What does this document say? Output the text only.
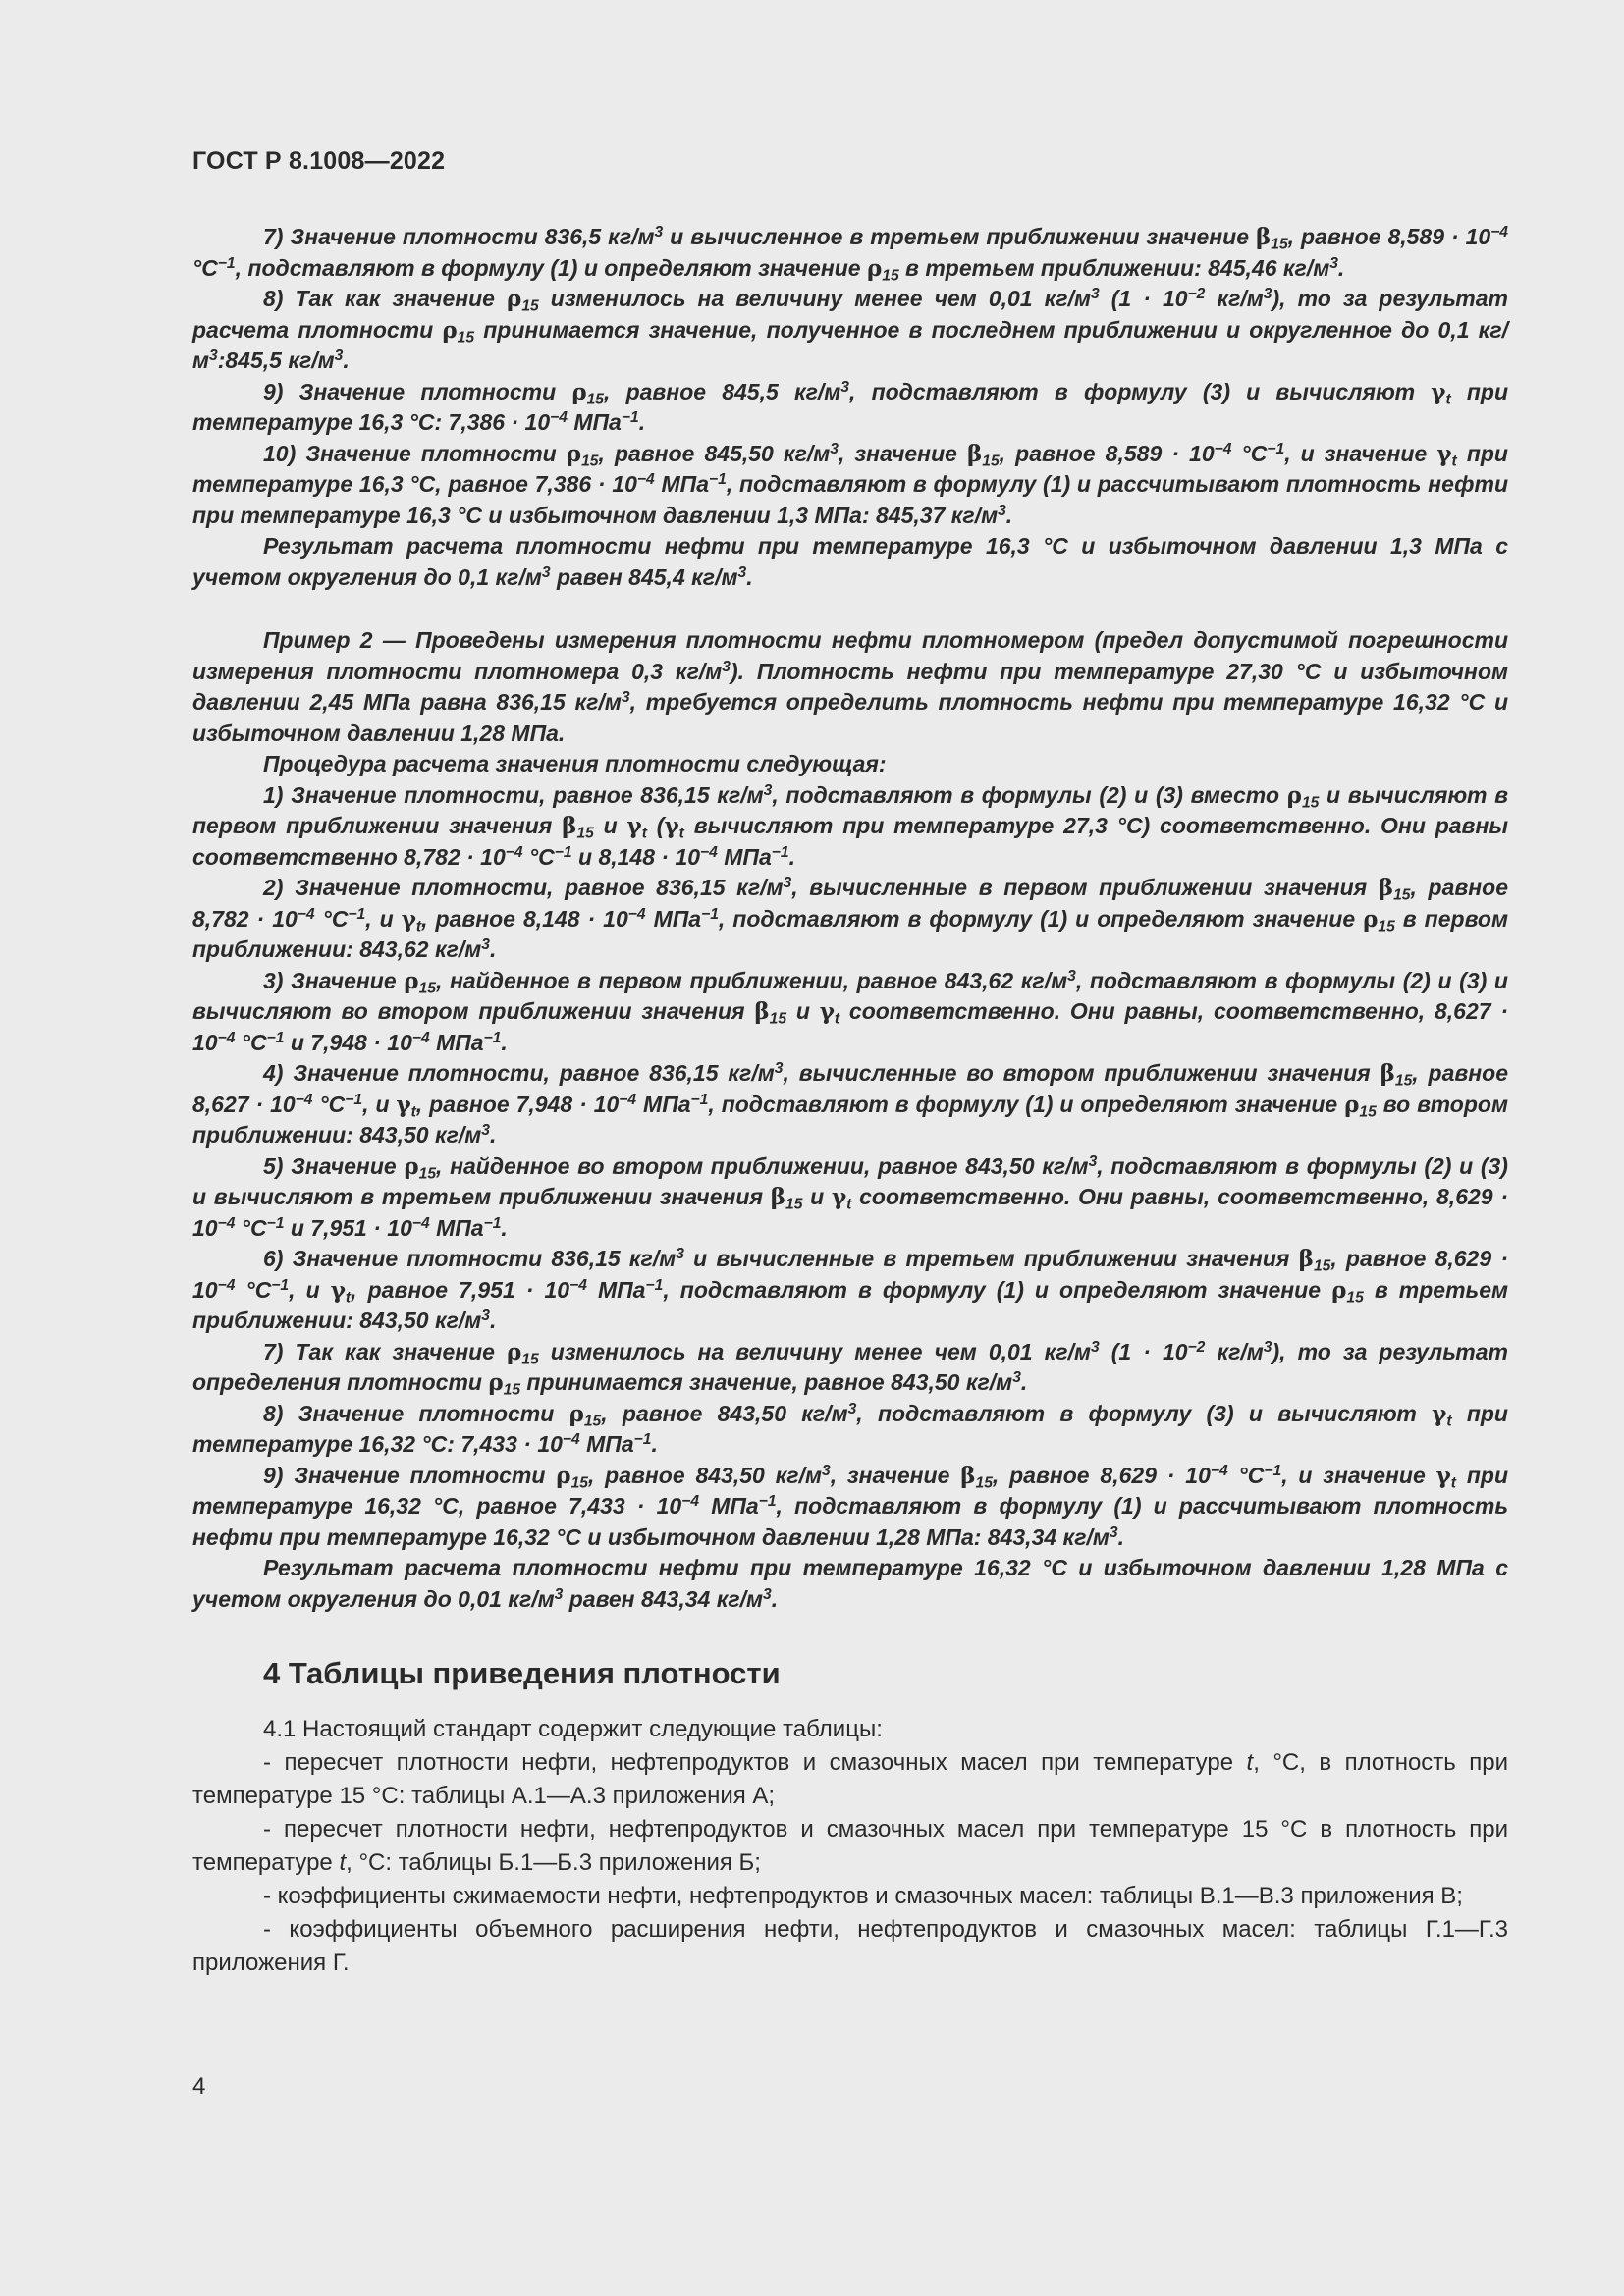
ГОСТ Р 8.1008—2022

7) Значение плотности 836,5 $кг/м^3$ и вычисленное в третьем приближении значение $\beta_{15}$, равное $8,589 \cdot 10^{-4}$ $^\circ С^{-1}$, подставляют в формулу (1) и определяют значение $\rho_{15}$ в третьем приближении: 845,46 $кг/м^3$.

8) Так как значение $\rho_{15}$ изменилось на величину менее чем 0,01 $кг/м^3$ ($1 \cdot 10^{-2}$ $кг/м^3$), то за результат расчета плотности $\rho_{15}$ принимается значение, полученное в последнем приближении и округленное до 0,1 $кг/м^3:845,5$ $кг/м^3$.

9) Значение плотности $\rho_{15}$, равное 845,5 $кг/м^3$, подставляют в формулу (3) и вычисляют $\gamma_t$ при температуре 16,3 °С: $7,386 \cdot 10^{-4}$ МПа$^{-1}$.

10) Значение плотности $\rho_{15}$, равное 845,50 $кг/м^3$, значение $\beta_{15}$, равное $8,589 \cdot 10^{-4}$ $^\circ С^{-1}$, и значение $\gamma_t$ при температуре 16,3 °С, равное $7,386 \cdot 10^{-4}$ МПа$^{-1}$, подставляют в формулу (1) и рассчитывают плотность нефти при температуре 16,3 °С и избыточном давлении 1,3 МПа: 845,37 $кг/м^3$.

Результат расчета плотности нефти при температуре 16,3 °С и избыточном давлении 1,3 МПа с учетом округления до 0,1 $кг/м^3$ равен 845,4 $кг/м^3$.

Пример 2 — Проведены измерения плотности нефти плотномером (предел допустимой погрешности измерения плотности плотномера 0,3 $кг/м^3$). Плотность нефти при температуре 27,30 °С и избыточном давлении 2,45 МПа равна 836,15 $кг/м^3$, требуется определить плотность нефти при температуре 16,32 °С и избыточном давлении 1,28 МПа.

Процедура расчета значения плотности следующая:

1) Значение плотности, равное 836,15 $кг/м^3$, подставляют в формулы (2) и (3) вместо $\rho_{15}$ и вычисляют в первом приближении значения $\beta_{15}$ и $\gamma_t$ ($\gamma_t$ вычисляют при температуре 27,3 °С) соответственно. Они равны соответственно $8,782 \cdot 10^{-4}$ $^\circ С^{-1}$ и $8,148 \cdot 10^{-4}$ МПа$^{-1}$.

2) Значение плотности, равное 836,15 $кг/м^3$, вычисленные в первом приближении значения $\beta_{15}$, равное $8,782 \cdot 10^{-4}$ $^\circ С^{-1}$, и $\gamma_t$, равное $8,148 \cdot 10^{-4}$ МПа$^{-1}$, подставляют в формулу (1) и определяют значение $\rho_{15}$ в первом приближении: 843,62 $кг/м^3$.

3) Значение $\rho_{15}$, найденное в первом приближении, равное 843,62 $кг/м^3$, подставляют в формулы (2) и (3) и вычисляют во втором приближении значения $\beta_{15}$ и $\gamma_t$ соответственно. Они равны, соответственно, $8,627 \cdot 10^{-4}$ $^\circ С^{-1}$ и $7,948 \cdot 10^{-4}$ МПа$^{-1}$.

4) Значение плотности, равное 836,15 $кг/м^3$, вычисленные во втором приближении значения $\beta_{15}$, равное $8,627 \cdot 10^{-4}$ $^\circ С^{-1}$, и $\gamma_t$, равное $7,948 \cdot 10^{-4}$ МПа$^{-1}$, подставляют в формулу (1) и определяют значение $\rho_{15}$ во втором приближении: 843,50 $кг/м^3$.

5) Значение $\rho_{15}$, найденное во втором приближении, равное 843,50 $кг/м^3$, подставляют в формулы (2) и (3) и вычисляют в третьем приближении значения $\beta_{15}$ и $\gamma_t$ соответственно. Они равны, соответственно, $8,629 \cdot 10^{-4}$ $^\circ С^{-1}$ и $7,951 \cdot 10^{-4}$ МПа$^{-1}$.

6) Значение плотности 836,15 $кг/м^3$ и вычисленные в третьем приближении значения $\beta_{15}$, равное $8,629 \cdot 10^{-4}$ $^\circ С^{-1}$, и $\gamma_t$, равное $7,951 \cdot 10^{-4}$ МПа$^{-1}$, подставляют в формулу (1) и определяют значение $\rho_{15}$ в третьем приближении: 843,50 $кг/м^3$.

7) Так как значение $\rho_{15}$ изменилось на величину менее чем 0,01 $кг/м^3$ ($1 \cdot 10^{-2}$ $кг/м^3$), то за результат определения плотности $\rho_{15}$ принимается значение, равное 843,50 $кг/м^3$.

8) Значение плотности $\rho_{15}$, равное 843,50 $кг/м^3$, подставляют в формулу (3) и вычисляют $\gamma_t$ при температуре 16,32 °С: $7,433 \cdot 10^{-4}$ МПа$^{-1}$.

9) Значение плотности $\rho_{15}$, равное 843,50 $кг/м^3$, значение $\beta_{15}$, равное $8,629 \cdot 10^{-4}$ $^\circ С^{-1}$, и значение $\gamma_t$ при температуре 16,32 °С, равное $7,433 \cdot 10^{-4}$ МПа$^{-1}$, подставляют в формулу (1) и рассчитывают плотность нефти при температуре 16,32 °С и избыточном давлении 1,28 МПа: 843,34 $кг/м^3$.

Результат расчета плотности нефти при температуре 16,32 °С и избыточном давлении 1,28 МПа с учетом округления до 0,01 $кг/м^3$ равен 843,34 $кг/м^3$.

4 Таблицы приведения плотности

4.1 Настоящий стандарт содержит следующие таблицы:

- пересчет плотности нефти, нефтепродуктов и смазочных масел при температуре t, °С, в плотность при температуре 15 °С: таблицы А.1—А.3 приложения А;

- пересчет плотности нефти, нефтепродуктов и смазочных масел при температуре 15 °С в плотность при температуре t, °С: таблицы Б.1—Б.3 приложения Б;

- коэффициенты сжимаемости нефти, нефтепродуктов и смазочных масел: таблицы В.1—В.3 приложения В;

- коэффициенты объемного расширения нефти, нефтепродуктов и смазочных масел: таблицы Г.1—Г.3 приложения Г.

4
